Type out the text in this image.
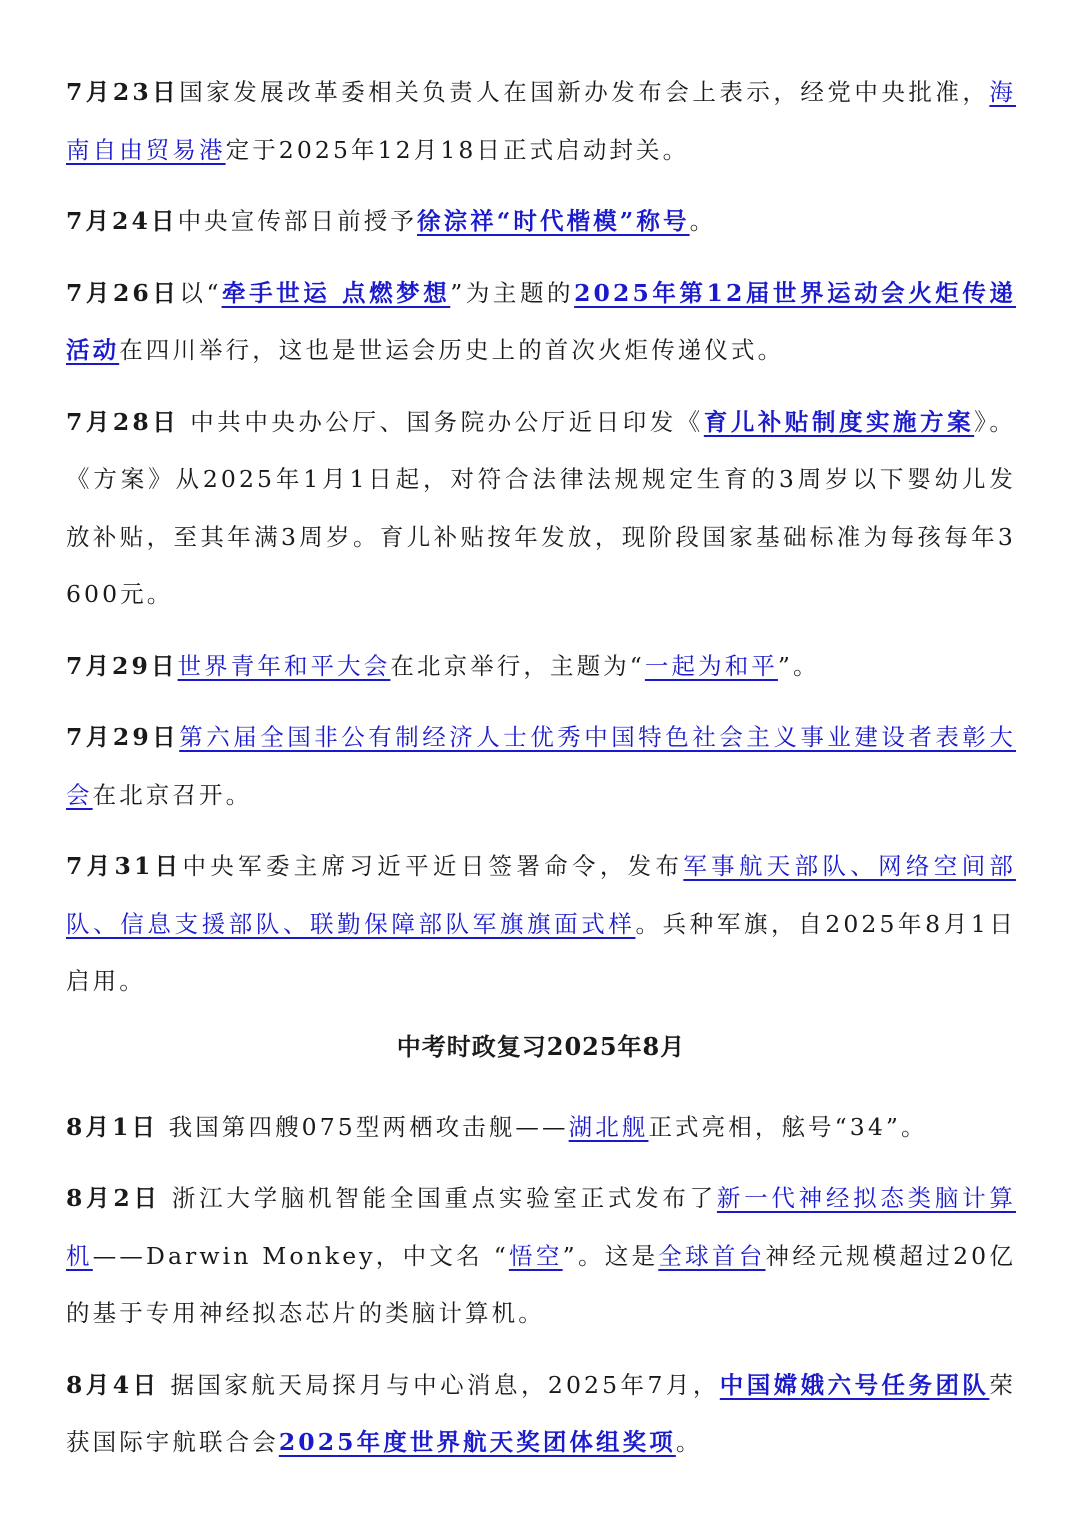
7月23日国家发展改革委相关负责人在国新办发布会上表示，经党中央批准，海南自由贸易港定于2025年12月18日正式启动封关。

7月24日中央宣传部日前授予徐淙祥“时代楷模”称号。

7月26日以“牵手世运 点燃梦想”为主题的2025年第12届世界运动会火炬传递活动在四川举行，这也是世运会历史上的首次火炬传递仪式。

7月28日 中共中央办公厅、国务院办公厅近日印发《育儿补贴制度实施方案》。《方案》从2025年1月1日起，对符合法律法规规定生育的3周岁以下婴幼儿发放补贴，至其年满3周岁。育儿补贴按年发放，现阶段国家基础标准为每孩每年3600元。

7月29日世界青年和平大会在北京举行，主题为“一起为和平”。

7月29日第六届全国非公有制经济人士优秀中国特色社会主义事业建设者表彰大会在北京召开。

7月31日中央军委主席习近平近日签署命令，发布军事航天部队、网络空间部队、信息支援部队、联勤保障部队军旗旗面式样。兵种军旗，自2025年8月1日启用。

中考时政复习2025年8月

8月1日 我国第四艘075型两栖攻击舰——湖北舰正式亮相，舷号“34”。

8月2日 浙江大学脑机智能全国重点实验室正式发布了新一代神经拟态类脑计算机——Darwin Monkey，中文名 “悟空”。这是全球首台神经元规模超过20亿的基于专用神经拟态芯片的类脑计算机。

8月4日 据国家航天局探月与中心消息，2025年7月，中国嫦娥六号任务团队荣获国际宇航联合会2025年度世界航天奖团体组奖项。
